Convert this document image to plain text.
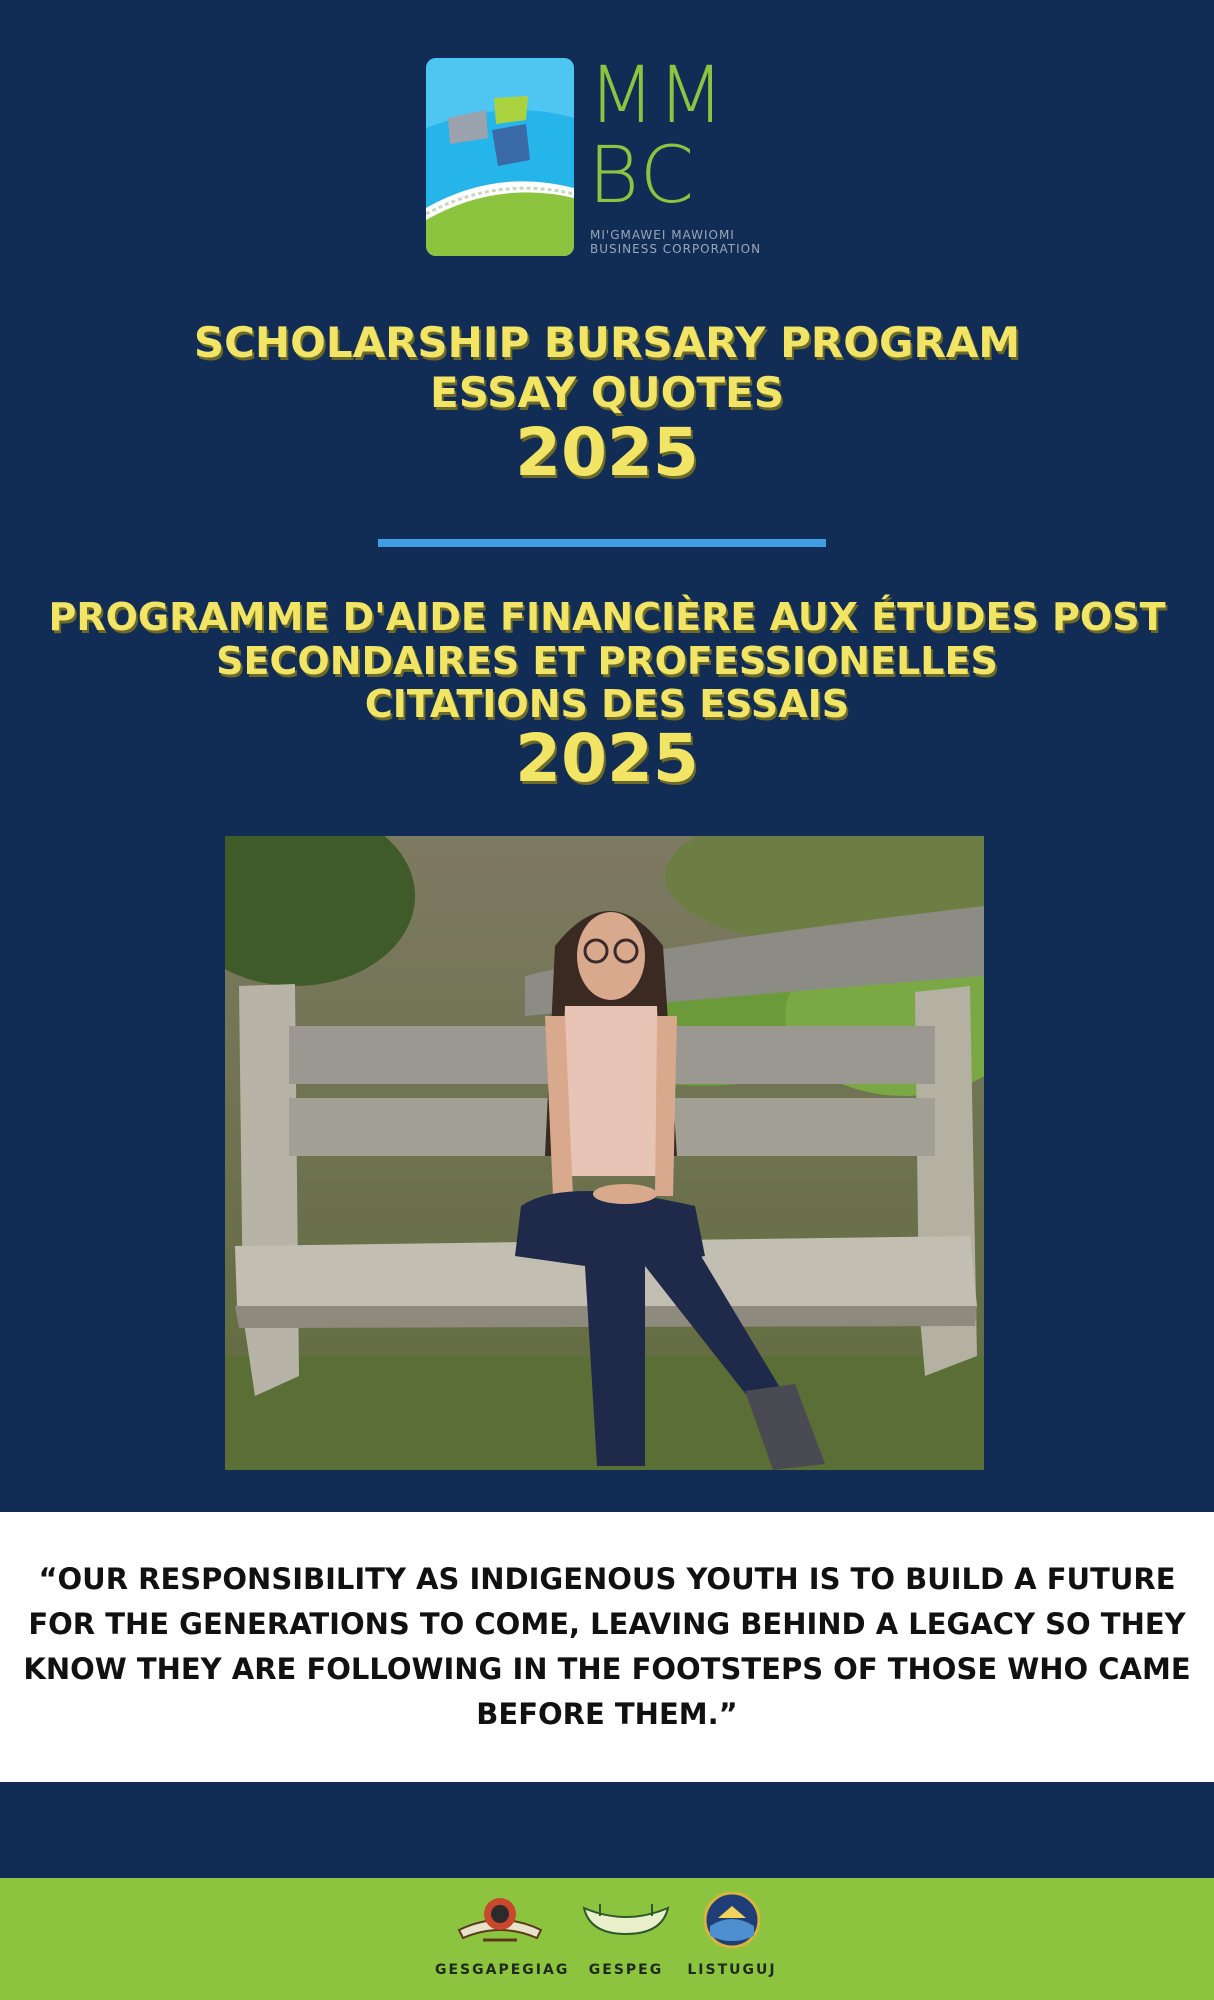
MM
BC
MI'GMAWEI MAWIOMI
BUSINESS CORPORATION
SCHOLARSHIP BURSARY PROGRAM
ESSAY QUOTES
2025
PROGRAMME D'AIDE FINANCIÈRE AUX ÉTUDES POST
SECONDAIRES ET PROFESSIONELLES
CITATIONS DES ESSAIS
2025

“OUR RESPONSIBILITY AS INDIGENOUS YOUTH IS TO BUILD A FUTURE FOR THE GENERATIONS TO COME, LEAVING BEHIND A LEGACY SO THEY KNOW THEY ARE FOLLOWING IN THE FOOTSTEPS OF THOSE WHO CAME BEFORE THEM.”

GESGAPEGIAG	GESPEG	LISTUGUJ
